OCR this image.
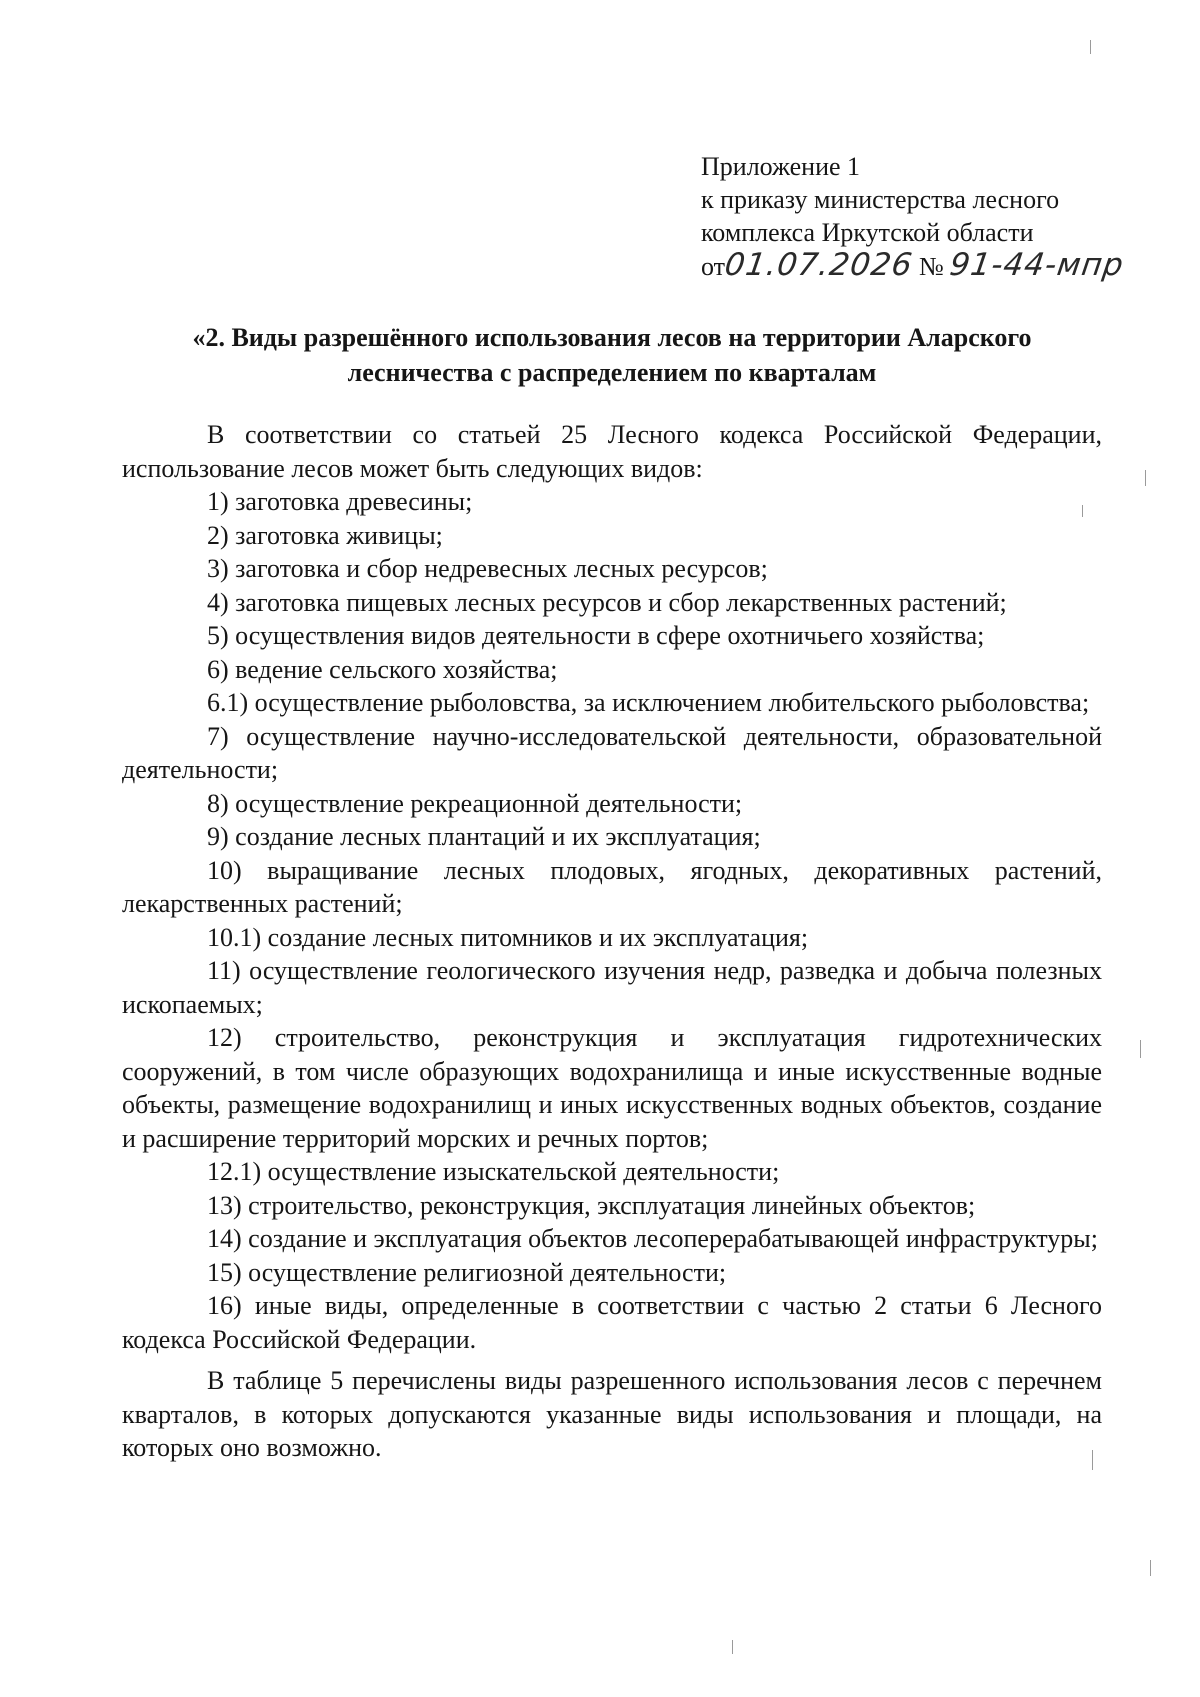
Приложение 1
к приказу министерства лесного
комплекса Иркутской области
от01.07.2026 № 91-44-мпр
«2. Виды разрешённого использования лесов на территории Аларского
лесничества с распределением по кварталам

В соответствии со статьей 25 Лесного кодекса Российской Федерации, использование лесов может быть следующих видов:

1) заготовка древесины;

2) заготовка живицы;

3) заготовка и сбор недревесных лесных ресурсов;

4) заготовка пищевых лесных ресурсов и сбор лекарственных растений;

5) осуществления видов деятельности в сфере охотничьего хозяйства;

6) ведение сельского хозяйства;

6.1) осуществление рыболовства, за исключением любительского рыболовства;

7) осуществление научно-исследовательской деятельности, образовательной деятельности;

8) осуществление рекреационной деятельности;

9) создание лесных плантаций и их эксплуатация;

10) выращивание лесных плодовых, ягодных, декоративных растений, лекарственных растений;

10.1) создание лесных питомников и их эксплуатация;

11) осуществление геологического изучения недр, разведка и добыча полезных ископаемых;

12) строительство, реконструкция и эксплуатация гидротехнических сооружений, в том числе образующих водохранилища и иные искусственные водные объекты, размещение водохранилищ и иных искусственных водных объектов, создание и расширение территорий морских и речных портов;

12.1) осуществление изыскательской деятельности;

13) строительство, реконструкция, эксплуатация линейных объектов;

14) создание и эксплуатация объектов лесоперерабатывающей инфраструктуры;

15) осуществление религиозной деятельности;

16) иные виды, определенные в соответствии с частью 2 статьи 6 Лесного кодекса Российской Федерации.

В таблице 5 перечислены виды разрешенного использования лесов с перечнем кварталов, в которых допускаются указанные виды использования и площади, на которых оно возможно.
